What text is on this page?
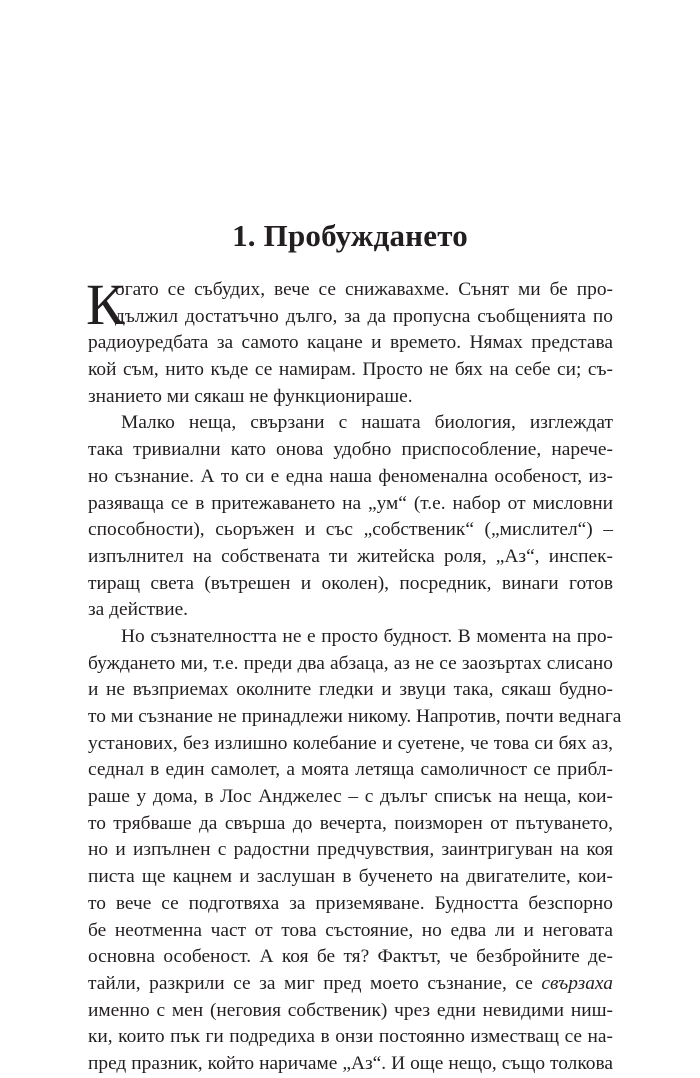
1. Пробуждането
К
огато се събудих, вече се снижавахме. Сънят ми бе про-
дължил достатъчно дълго, за да пропусна съобщенията по
радиоуредбата за самото кацане и времето. Нямах представа
кой съм, нито къде се намирам. Просто не бях на себе си; съ-
знанието ми сякаш не функционираше.
Малко неща, свързани с нашата биология, изглеждат
така тривиални като онова удобно приспособление, нарече-
но съзнание. А то си е една наша феноменална особеност, из-
разяваща се в притежаването на „ум“ (т.е. набор от мисловни
способности), сьоръжен и със „собственик“ („мислител“) –
изпълнител на собствената ти житейска роля, „Аз“, инспек-
тиращ света (вътрешен и околен), посредник, винаги готов
за действие.
Но съзнателността не е просто будност. В момента на про-
буждането ми, т.е. преди два абзаца, аз не се заозъртах слисано
и не възприемах околните гледки и звуци така, сякаш будно-
то ми съзнание не принадлежи никому. Напротив, почти веднага
установих, без излишно колебание и суетене, че това си бях аз,
седнал в един самолет, а моята летяща самоличност се прибл-
раше у дома, в Лос Анджелес – с дълъг списък на неща, кои-
то трябваше да свърша до вечерта, поизморен от пътуването,
но и изпълнен с радостни предчувствия, заинтригуван на коя
писта ще кацнем и заслушан в бученето на двигателите, кои-
то вече се подготвяха за приземяване. Будността безспорно
бе неотменна част от това състояние, но едва ли и неговата
основна особеност. А коя бе тя? Фактът, че безбройните де-
тайли, разкрили се за миг пред моето съзнание, се свързаха
именно с мен (неговия собственик) чрез едни невидими ниш-
ки, които пък ги подредиха в онзи постоянно изместващ се на-
пред празник, който наричаме „Аз“. И още нещо, също толкова
